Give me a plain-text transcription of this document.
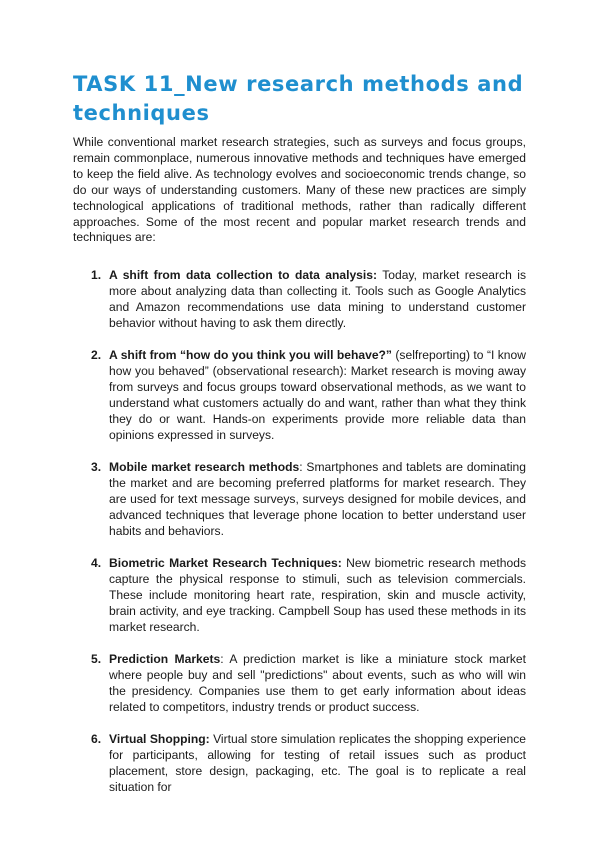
TASK 11_New research methods and techniques

While conventional market research strategies, such as surveys and focus groups, remain commonplace, numerous innovative methods and techniques have emerged to keep the field alive. As technology evolves and socioeconomic trends change, so do our ways of understanding customers. Many of these new practices are simply technological applications of traditional methods, rather than radically different approaches. Some of the most recent and popular market research trends and techniques are:

1. A shift from data collection to data analysis: Today, market research is more about analyzing data than collecting it. Tools such as Google Analytics and Amazon recommendations use data mining to understand customer behavior without having to ask them directly.
2. A shift from “how do you think you will behave?” (selfreporting) to “I know how you behaved” (observational research): Market research is moving away from surveys and focus groups toward observational methods, as we want to understand what customers actually do and want, rather than what they think they do or want. Hands-on experiments provide more reliable data than opinions expressed in surveys.
3. Mobile market research methods: Smartphones and tablets are dominating the market and are becoming preferred platforms for market research. They are used for text message surveys, surveys designed for mobile devices, and advanced techniques that leverage phone location to better understand user habits and behaviors.
4. Biometric Market Research Techniques: New biometric research methods capture the physical response to stimuli, such as television commercials. These include monitoring heart rate, respiration, skin and muscle activity, brain activity, and eye tracking. Campbell Soup has used these methods in its market research.
5. Prediction Markets: A prediction market is like a miniature stock market where people buy and sell "predictions" about events, such as who will win the presidency. Companies use them to get early information about ideas related to competitors, industry trends or product success.
6. Virtual Shopping: Virtual store simulation replicates the shopping experience for participants, allowing for testing of retail issues such as product placement, store design, packaging, etc. The goal is to replicate a real situation for
